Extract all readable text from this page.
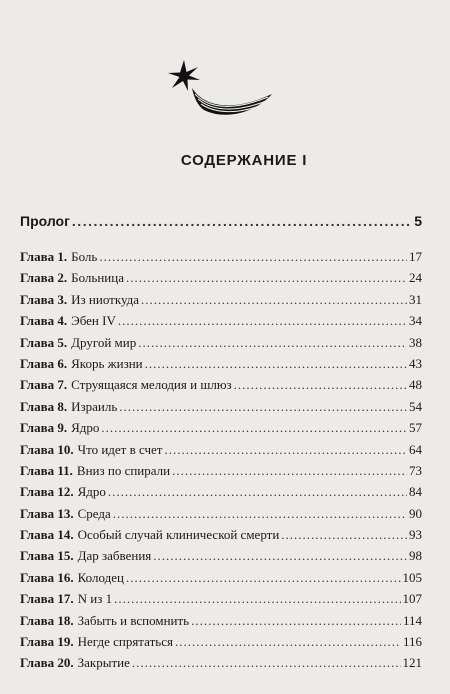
СОДЕРЖАНИЕ I
Пролог .....	5
Глава 1. Боль .....	17
Глава 2. Больница .....	24
Глава 3. Из ниоткуда .....	31
Глава 4. Эбен IV .....	34
Глава 5. Другой мир .....	38
Глава 6. Якорь жизни .....	43
Глава 7. Струящаяся мелодия и шлюз .....	48
Глава 8. Израиль .....	54
Глава 9. Ядро .....	57
Глава 10. Что идет в счет .....	64
Глава 11. Вниз по спирали .....	73
Глава 12. Ядро .....	84
Глава 13. Среда .....	90
Глава 14. Особый случай клинической смерти .....	93
Глава 15. Дар забвения .....	98
Глава 16. Колодец .....	105
Глава 17. N из 1 .....	107
Глава 18. Забыть и вспомнить .....	114
Глава 19. Негде спрятаться .....	116
Глава 20. Закрытие .....	121
